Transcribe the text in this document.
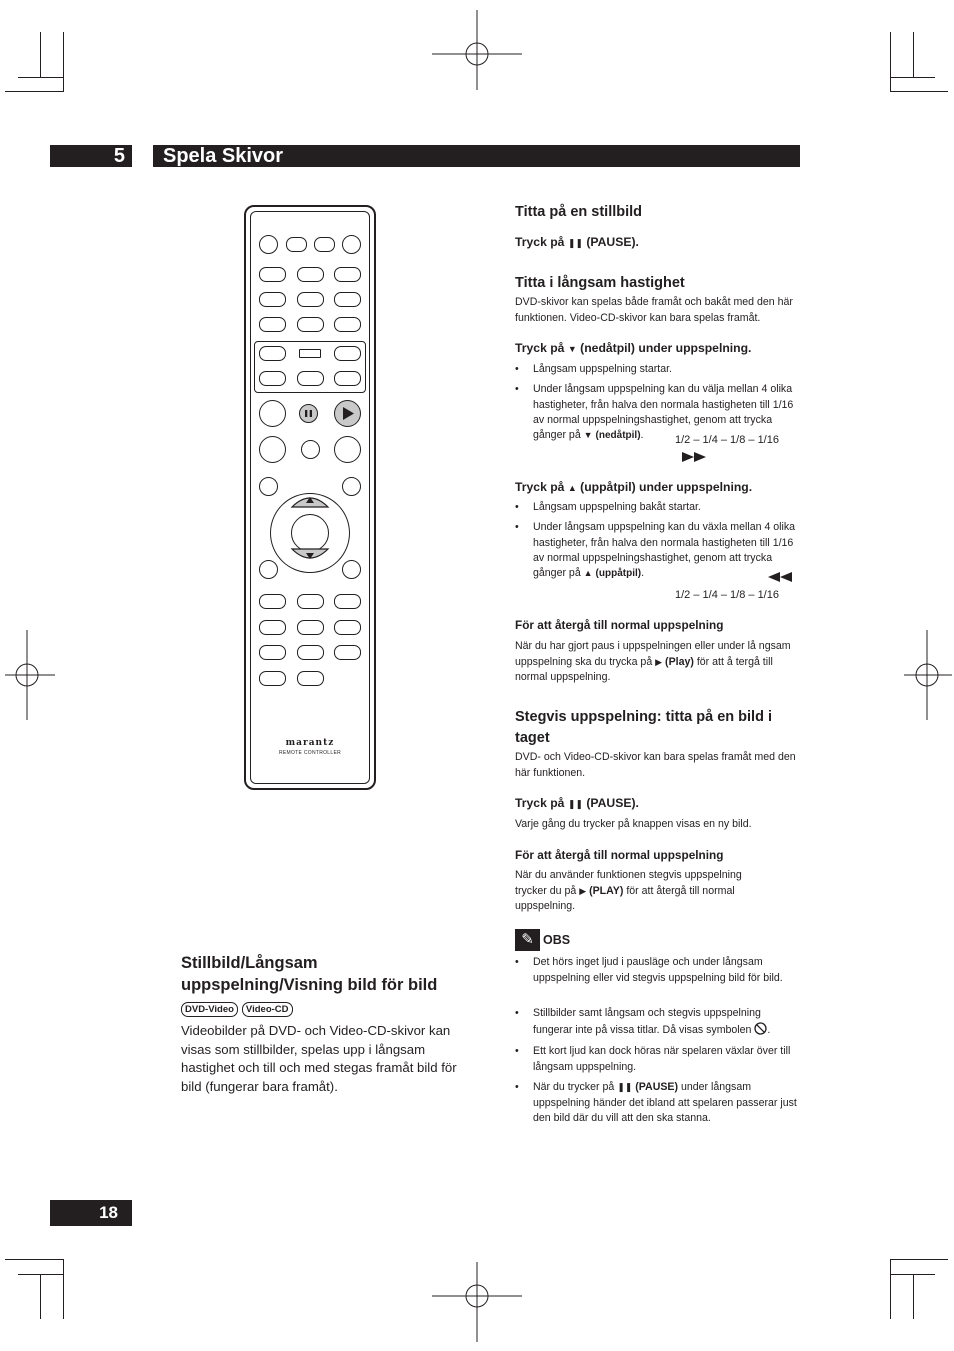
5 Spela Skivor
marantz
REMOTE CONTROLLER
Stillbild/Långsam uppspelning/Visning bild för bild
DVD-Video Video-CD
Videobilder på DVD- och Video-CD-skivor kan visas som stillbilder, spelas upp i långsam hastighet och till och med stegas framåt bild för bild (fungerar bara framåt).
Titta på en stillbild
Tryck på ❚❚ (PAUSE).
Titta i långsam hastighet
DVD-skivor kan spelas både framåt och bakåt med den här funktionen. Video-CD-skivor kan bara spelas framåt.
Tryck på ▼ (nedåtpil) under uppspelning.
• Långsam uppspelning startar.
• Under långsam uppspelning kan du välja mellan 4 olika hastigheter, från halva den normala hastigheten till 1/16 av normal uppspelningshastighet, genom att trycka
gånger på ▼ (nedåtpil).	1/2 – 1/4 – 1/8 – 1/16
Tryck på ▲ (uppåtpil) under uppspelning.
• Långsam uppspelning bakåt startar.
• Under långsam uppspelning kan du växla mellan 4 olika hastigheter, från halva den normala hastigheten till 1/16 av normal uppspelningshastighet, genom att trycka
gånger på ▲ (uppåtpil).
1/2 – 1/4 – 1/8 – 1/16
För att återgå till normal uppspelning
När du har gjort paus i uppspelningen eller under lå ngsam uppspelning ska du trycka på ▶ (Play) för att å tergå till normal uppspelning.
Stegvis uppspelning: titta på en bild i taget
DVD- och Video-CD-skivor kan bara spelas framåt med den här funktionen.
Tryck på ❚❚ (PAUSE).
Varje gång du trycker på knappen visas en ny bild.
För att återgå till normal uppspelning
När du använder funktionen stegvis uppspelning trycker du på ▶ (PLAY) för att återgå till normal uppspelning.
✎ OBS
• Det hörs inget ljud i pausläge och under långsam uppspelning eller vid stegvis uppspelning bild för bild.
• Stillbilder samt långsam och stegvis uppspelning fungerar inte på vissa titlar. Då visas symbolen .
• Ett kort ljud kan dock höras när spelaren växlar över till långsam uppspelning.
• När du trycker på ❚❚ (PAUSE) under långsam uppspelning händer det ibland att spelaren passerar just den bild där du vill att den ska stanna.
18
